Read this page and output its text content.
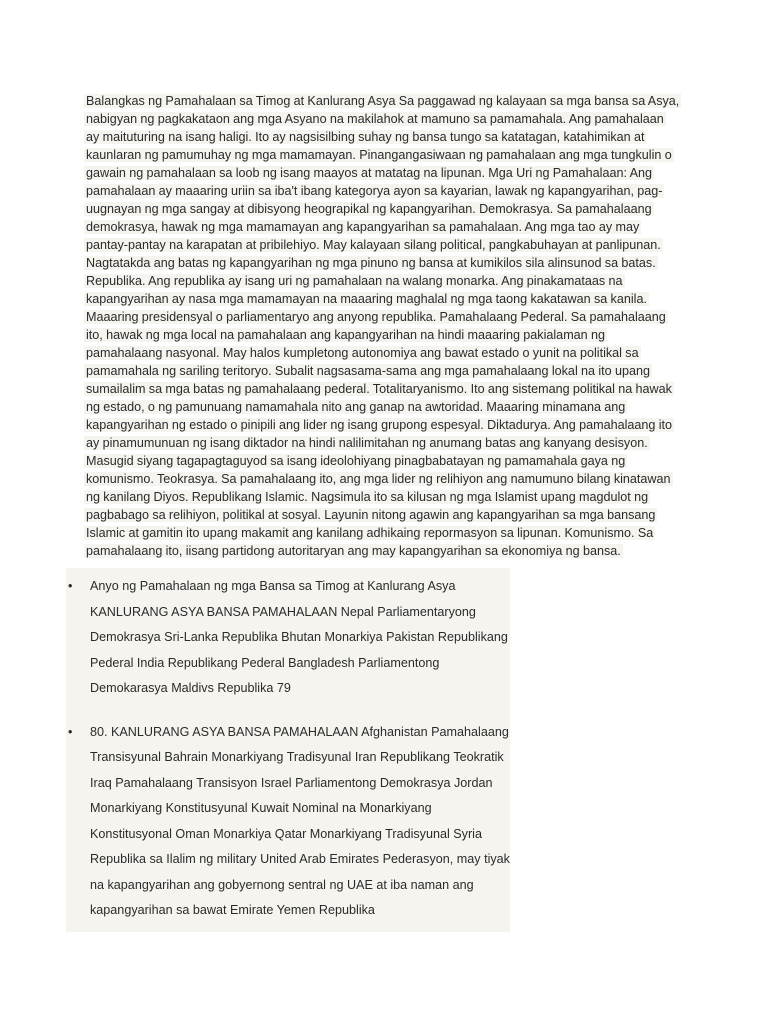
Balangkas ng Pamahalaan sa Timog at Kanlurang Asya Sa paggawad ng kalayaan sa mga bansa sa Asya, nabigyan ng pagkakataon ang mga Asyano na makilahok at mamuno sa pamamahala. Ang pamahalaan ay maituturing na isang haligi. Ito ay nagsisilbing suhay ng bansa tungo sa katatagan, katahimikan at kaunlaran ng pamumuhay ng mga mamamayan. Pinangangasiwaan ng pamahalaan ang mga tungkulin o gawain ng pamahalaan sa loob ng isang maayos at matatag na lipunan. Mga Uri ng Pamahalaan: Ang pamahalaan ay maaaring uriin sa iba't ibang kategorya ayon sa kayarian, lawak ng kapangyarihan, pag-uugnayan ng mga sangay at dibisyong heograpikal ng kapangyarihan. Demokrasya. Sa pamahalaang demokrasya, hawak ng mga mamamayan ang kapangyarihan sa pamahalaan. Ang mga tao ay may pantay-pantay na karapatan at pribilehiyo. May kalayaan silang political, pangkabuhayan at panlipunan. Nagtatakda ang batas ng kapangyarihan ng mga pinuno ng bansa at kumikilos sila alinsunod sa batas. Republika. Ang republika ay isang uri ng pamahalaan na walang monarka. Ang pinakamataas na kapangyarihan ay nasa mga mamamayan na maaaring maghalal ng mga taong kakatawan sa kanila. Maaaring presidensyal o parliamentaryo ang anyong republika. Pamahalaang Pederal. Sa pamahalaang ito, hawak ng mga local na pamahalaan ang kapangyarihan na hindi maaaring pakialaman ng pamahalaang nasyonal. May halos kumpletong autonomiya ang bawat estado o yunit na politikal sa pamamahala ng sariling teritoryo. Subalit nagsasama-sama ang mga pamahalaang lokal na ito upang sumailalim sa mga batas ng pamahalaang pederal. Totalitaryanismo. Ito ang sistemang politikal na hawak ng estado, o ng pamunuang namamahala nito ang ganap na awtoridad. Maaaring minamana ang kapangyarihan ng estado o pinipili ang lider ng isang grupong espesyal. Diktadurya. Ang pamahalaang ito ay pinamumunuan ng isang diktador na hindi nalilimitahan ng anumang batas ang kanyang desisyon. Masugid siyang tagapagtaguyod sa isang ideolohiyang pinagbabatayan ng pamamahala gaya ng komunismo. Teokrasya. Sa pamahalaang ito, ang mga lider ng relihiyon ang namumuno bilang kinatawan ng kanilang Diyos. Republikang Islamic. Nagsimula ito sa kilusan ng mga Islamist upang magdulot ng pagbabago sa relihiyon, politikal at sosyal. Layunin nitong agawin ang kapangyarihan sa mga bansang Islamic at gamitin ito upang makamit ang kanilang adhikaing repormasyon sa lipunan. Komunismo. Sa pamahalaang ito, iisang partidong autoritaryan ang may kapangyarihan sa ekonomiya ng bansa.
• Anyo ng Pamahalaan ng mga Bansa sa Timog at Kanlurang Asya KANLURANG ASYA BANSA PAMAHALAAN Nepal Parliamentaryong Demokrasya Sri-Lanka Republika Bhutan Monarkiya Pakistan Republikang Pederal India Republikang Pederal Bangladesh Parliamentong Demokarasya Maldivs Republika 79
• 80. KANLURANG ASYA BANSA PAMAHALAAN Afghanistan Pamahalaang Transisyunal Bahrain Monarkiyang Tradisyunal Iran Republikang Teokratik Iraq Pamahalaang Transisyon Israel Parliamentong Demokrasya Jordan Monarkiyang Konstitusyunal Kuwait Nominal na Monarkiyang Konstitusyonal Oman Monarkiya Qatar Monarkiyang Tradisyunal Syria Republika sa Ilalim ng military United Arab Emirates Pederasyon, may tiyak na kapangyarihan ang gobyernong sentral ng UAE at iba naman ang kapangyarihan sa bawat Emirate Yemen Republika
